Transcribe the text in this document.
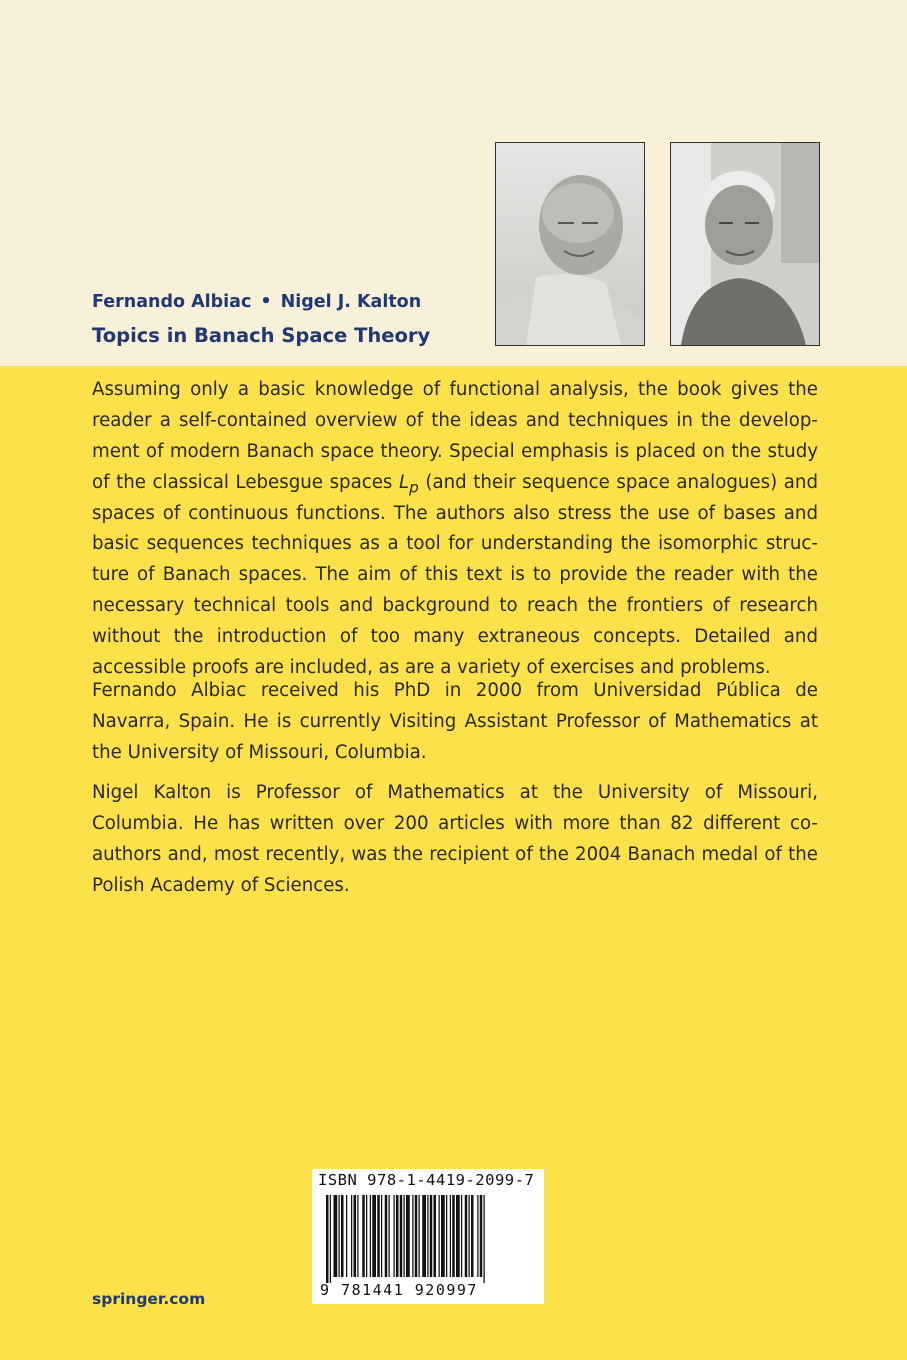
Fernando Albiac • Nigel J. Kalton
Topics in Banach Space Theory
Assuming only a basic knowledge of functional analysis, the book gives the
reader a self-contained overview of the ideas and techniques in the develop-
ment of modern Banach space theory. Special emphasis is placed on the study
of the classical Lebesgue spaces $L_p$ (and their sequence space analogues) and
spaces of continuous functions. The authors also stress the use of bases and
basic sequences techniques as a tool for understanding the isomorphic struc-
ture of Banach spaces. The aim of this text is to provide the reader with the
necessary technical tools and background to reach the frontiers of research
without the introduction of too many extraneous concepts. Detailed and
accessible proofs are included, as are a variety of exercises and problems.
Fernando Albiac received his PhD in 2000 from Universidad Pública de
Navarra, Spain. He is currently Visiting Assistant Professor of Mathematics at
the University of Missouri, Columbia.
Nigel Kalton is Professor of Mathematics at the University of Missouri,
Columbia. He has written over 200 articles with more than 82 different co-
authors and, most recently, was the recipient of the 2004 Banach medal of the
Polish Academy of Sciences.
ISBN 978-1-4419-2099-7
9 781441 920997
springer.com
